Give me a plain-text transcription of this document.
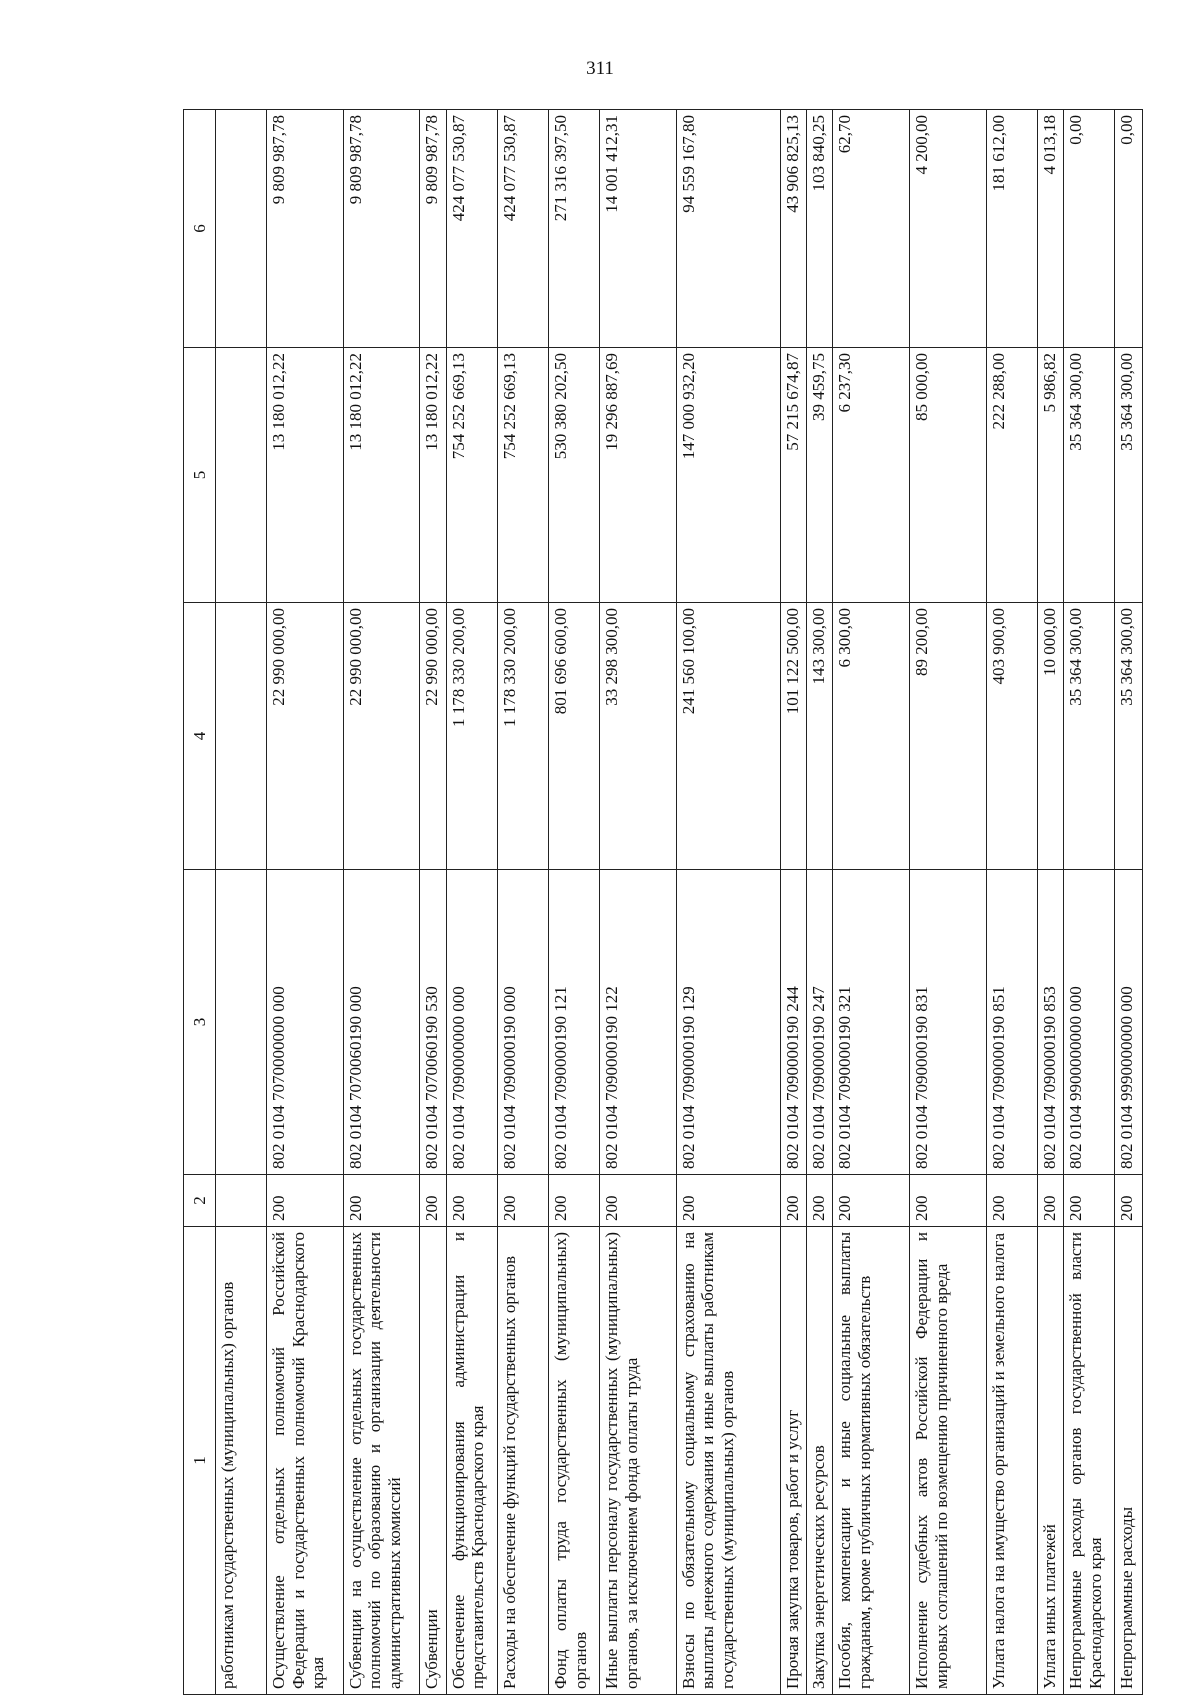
311
1	2	3	4	5	6
работникам государственных (муниципальных) органов					
Осуществление отдельных полномочий Российской Федерации и государственных полномочий Краснодарского края	200	802 0104 7070000000 000	22 990 000,00	13 180 012,22	9 809 987,78
Субвенции на осуществление отдельных государственных полномочий по образованию и организации деятельности административных комиссий	200	802 0104 7070060190 000	22 990 000,00	13 180 012,22	9 809 987,78
Субвенции	200	802 0104 7070060190 530	22 990 000,00	13 180 012,22	9 809 987,78
Обеспечение функционирования администрации и представительств Краснодарского края	200	802 0104 7090000000 000	1 178 330 200,00	754 252 669,13	424 077 530,87
Расходы на обеспечение функций государственных органов	200	802 0104 7090000190 000	1 178 330 200,00	754 252 669,13	424 077 530,87
Фонд оплаты труда государственных (муниципальных) органов	200	802 0104 7090000190 121	801 696 600,00	530 380 202,50	271 316 397,50
Иные выплаты персоналу государственных (муниципальных) органов, за исключением фонда оплаты труда	200	802 0104 7090000190 122	33 298 300,00	19 296 887,69	14 001 412,31
Взносы по обязательному социальному страхованию на выплаты денежного содержания и иные выплаты работникам государственных (муниципальных) органов	200	802 0104 7090000190 129	241 560 100,00	147 000 932,20	94 559 167,80
Прочая закупка товаров, работ и услуг	200	802 0104 7090000190 244	101 122 500,00	57 215 674,87	43 906 825,13
Закупка энергетических ресурсов	200	802 0104 7090000190 247	143 300,00	39 459,75	103 840,25
Пособия, компенсации и иные социальные выплаты гражданам, кроме публичных нормативных обязательств	200	802 0104 7090000190 321	6 300,00	6 237,30	62,70
Исполнение судебных актов Российской Федерации и мировых соглашений по возмещению причиненного вреда	200	802 0104 7090000190 831	89 200,00	85 000,00	4 200,00
Уплата налога на имущество организаций и земельного налога	200	802 0104 7090000190 851	403 900,00	222 288,00	181 612,00
Уплата иных платежей	200	802 0104 7090000190 853	10 000,00	5 986,82	4 013,18
Непрограммные расходы органов государственной власти Краснодарского края	200	802 0104 9900000000 000	35 364 300,00	35 364 300,00	0,00
Непрограммные расходы	200	802 0104 9990000000 000	35 364 300,00	35 364 300,00	0,00
